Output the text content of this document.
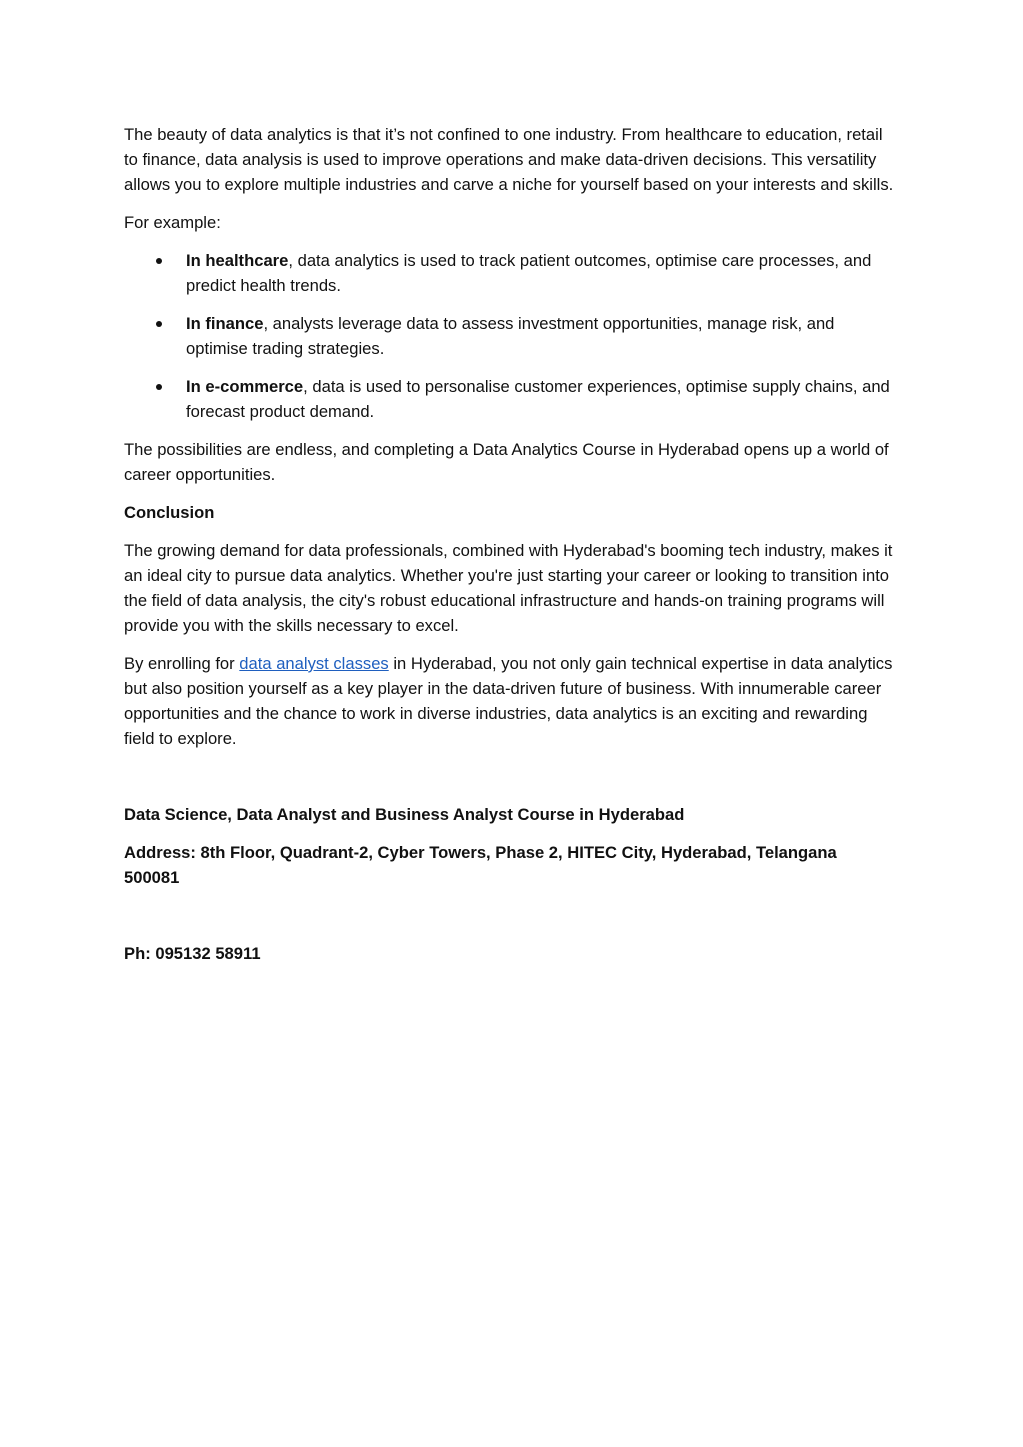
The beauty of data analytics is that it’s not confined to one industry. From healthcare to education, retail to finance, data analysis is used to improve operations and make data-driven decisions. This versatility allows you to explore multiple industries and carve a niche for yourself based on your interests and skills.

For example:

In healthcare, data analytics is used to track patient outcomes, optimise care processes, and predict health trends.
In finance, analysts leverage data to assess investment opportunities, manage risk, and optimise trading strategies.
In e-commerce, data is used to personalise customer experiences, optimise supply chains, and forecast product demand.

The possibilities are endless, and completing a Data Analytics Course in Hyderabad opens up a world of career opportunities.

Conclusion

The growing demand for data professionals, combined with Hyderabad's booming tech industry, makes it an ideal city to pursue data analytics. Whether you're just starting your career or looking to transition into the field of data analysis, the city's robust educational infrastructure and hands-on training programs will provide you with the skills necessary to excel.

By enrolling for data analyst classes in Hyderabad, you not only gain technical expertise in data analytics but also position yourself as a key player in the data-driven future of business. With innumerable career opportunities and the chance to work in diverse industries, data analytics is an exciting and rewarding field to explore.

Data Science, Data Analyst and Business Analyst Course in Hyderabad

Address: 8th Floor, Quadrant-2, Cyber Towers, Phase 2, HITEC City, Hyderabad, Telangana 500081

Ph: 095132 58911
